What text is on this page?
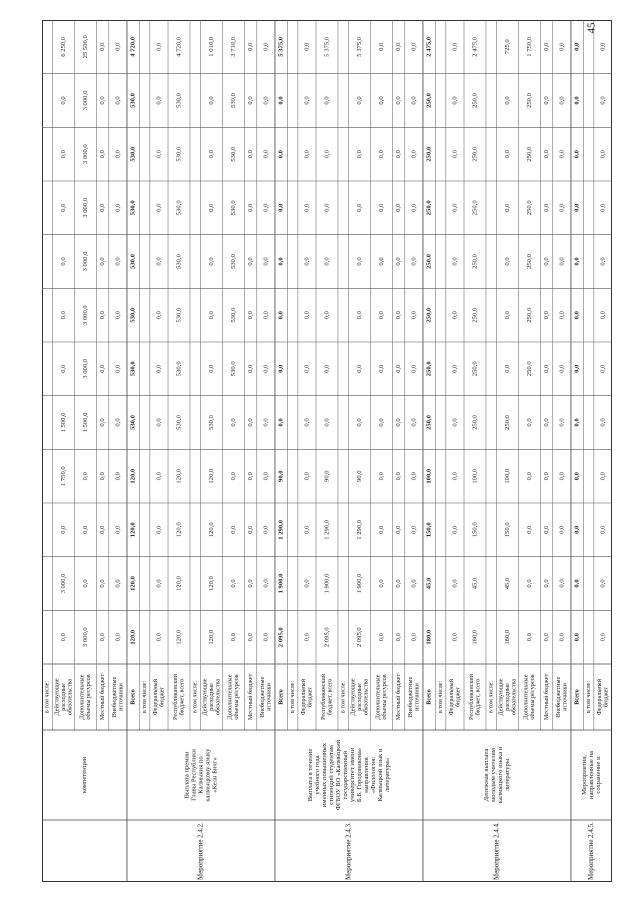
45
в том числе: Действующие расходные обязательства
0,0
3 000,0
0,0
1 750,0
1 500,0
0,0
0,0
0,0
0,0
0,0
0,0
6 250,0
Дополнительные объемы ресурсов
3 000,0
0,0
0,0
0,0
1 500,0
3 000,0
3 000,0
3 000,0
3 000,0
3 000,0
3 000,0
25 500,0
Местный бюджет
0,0
0,0
0,0
0,0
0,0
0,0
0,0
0,0
0,0
0,0
0,0
0,0
Внебюджетные источники
0,0
0,0
0,0
0,0
0,0
0,0
0,0
0,0
0,0
0,0
0,0
0,0
Всего
120,0
120,0
120,0
120,0
530,0
530,0
530,0
530,0
530,0
530,0
530,0
4 720,0
в том числе: Федеральный бюджет
0,0
0,0
0,0
0,0
0,0
0,0
0,0
0,0
0,0
0,0
0,0
0,0
Республиканский бюджет, всего
120,0
120,0
120,0
120,0
530,0
530,0
530,0
530,0
530,0
530,0
530,0
4 720,0
в том числе: Действующие расходные обязательства
120,0
120,0
120,0
120,0
530,0
0,0
0,0
0,0
0,0
0,0
0,0
1 010,0
Дополнительные объемы ресурсов
0,0
0,0
0,0
0,0
0,0
530,0
530,0
530,0
530,0
530,0
530,0
3 710,0
Местный бюджет
0,0
0,0
0,0
0,0
0,0
0,0
0,0
0,0
0,0
0,0
0,0
0,0
Внебюджетные источники
0,0
0,0
0,0
0,0
0,0
0,0
0,0
0,0
0,0
0,0
0,0
0,0
Всего
2 095,0
1 900,0
1 290,0
90,0
0,0
0,0
0,0
0,0
0,0
0,0
0,0
5 375,0
в том числе: Федеральный бюджет
0,0
0,0
0,0
0,0
0,0
0,0
0,0
0,0
0,0
0,0
0,0
0,0
Республиканский бюджет, всего
2 095,0
1 900,0
1 290,0
90,0
0,0
0,0
0,0
0,0
0,0
0,0
0,0
5 375,0
в том числе: Действующие расходные обязательства
2 095,0
1 900,0
1 290,0
90,0
0,0
0,0
0,0
0,0
0,0
0,0
0,0
5 375,0
Дополнительные объемы ресурсов
0,0
0,0
0,0
0,0
0,0
0,0
0,0
0,0
0,0
0,0
0,0
0,0
Местный бюджет
0,0
0,0
0,0
0,0
0,0
0,0
0,0
0,0
0,0
0,0
0,0
0,0
Внебюджетные источники
0,0
0,0
0,0
0,0
0,0
0,0
0,0
0,0
0,0
0,0
0,0
0,0
Всего
180,0
45,0
150,0
100,0
250,0
250,0
250,0
250,0
250,0
250,0
250,0
2 475,0
в том числе: Федеральный бюджет
0,0
0,0
0,0
0,0
0,0
0,0
0,0
0,0
0,0
0,0
0,0
0,0
Республиканский бюджет, всего
180,0
45,0
150,0
100,0
250,0
250,0
250,0
250,0
250,0
250,0
250,0
2 475,0
в том числе: Действующие расходные обязательства
180,0
45,0
150,0
100,0
250,0
0,0
0,0
0,0
0,0
0,0
0,0
725,0
Дополнительные объемы ресурсов
0,0
0,0
0,0
0,0
0,0
250,0
250,0
250,0
250,0
250,0
250,0
1 750,0
Местный бюджет
0,0
0,0
0,0
0,0
0,0
0,0
0,0
0,0
0,0
0,0
0,0
0,0
Внебюджетные источники
0,0
0,0
0,0
0,0
0,0
0,0
0,0
0,0
0,0
0,0
0,0
0,0
Всего
0,0
0,0
0,0
0,0
0,0
0,0
0,0
0,0
0,0
0,0
0,0
0,0
в том числе: Федеральный бюджет
0,0
0,0
0,0
0,0
0,0
0,0
0,0
0,0
0,0
0,0
0,0
0,0
компетенции	Выплата премии Главы Республики Калмыкия по калмыцкому языку «Келн Бичг»
Мероприятие 2.4.2.
Выплата в течение учебного года именных повышенных стипендий студентам ФГБОУ ВО «Калмыцкий государственный университет имени Б.Б. Городовикова» направления «Филология: Калмыцкий язык и литература»
Мероприятие 2.4.3.
Денежная выплата молодым учителям калмыцкого языка и литературы
Мероприятие 2.4.4.
Мероприятия, направленные на сохранение и
Мероприятие 2.4.5.
